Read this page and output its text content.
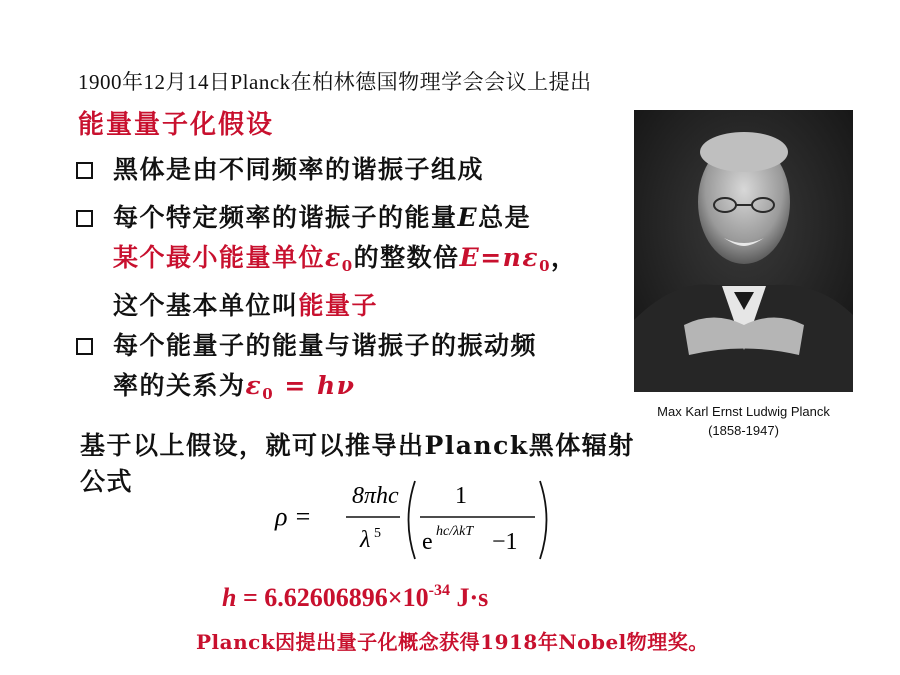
1900年12月14日Planck在柏林德国物理学会会议上提出
能量量子化假设
黑体是由不同频率的谐振子组成
每个特定频率的谐振子的能量E总是
某个最小能量单位$\varepsilon_0$的整数倍$E=n\varepsilon_0$，
这个基本单位叫能量子
每个能量子的能量与谐振子的振动频
率的关系为$\varepsilon_0 = h\nu$
Max Karl Ernst Ludwig Planck
(1858-1947)
基于以上假设，就可以推导出Planck黑体辐射公式
ρ =
8πhc
λ 5
1
e hc/λkT −1
$h = 6.62606896\times 10^{-34}$ J·s
Planck因提出量子化概念获得1918年Nobel物理奖。
